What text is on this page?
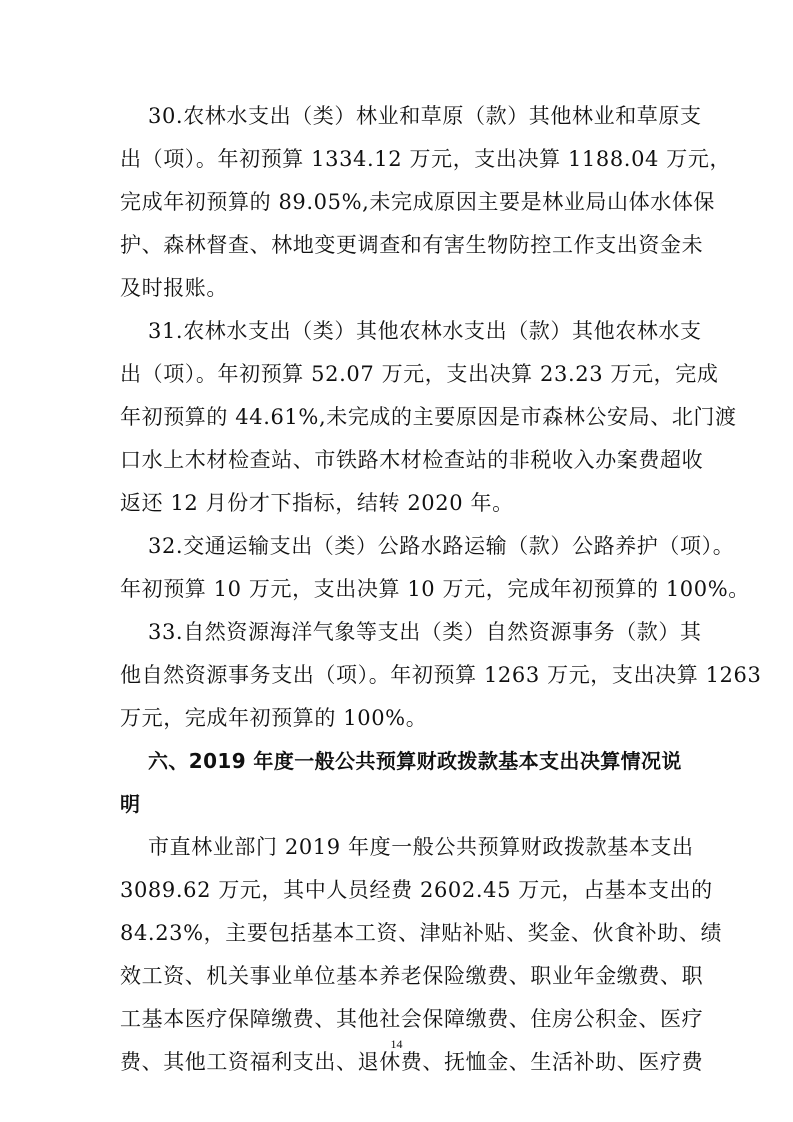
30.农林水支出（类）林业和草原（款）其他林业和草原支
出（项）。年初预算 1334.12 万元，支出决算 1188.04 万元，
完成年初预算的 89.05%,未完成原因主要是林业局山体水体保
护、森林督查、林地变更调查和有害生物防控工作支出资金未
及时报账。
31.农林水支出（类）其他农林水支出（款）其他农林水支
出（项）。年初预算 52.07 万元，支出决算 23.23 万元，完成
年初预算的 44.61%,未完成的主要原因是市森林公安局、北门渡
口水上木材检查站、市铁路木材检查站的非税收入办案费超收
返还 12 月份才下指标，结转 2020 年。
32.交通运输支出（类）公路水路运输（款）公路养护（项）。
年初预算 10 万元，支出决算 10 万元，完成年初预算的 100%。
33.自然资源海洋气象等支出（类）自然资源事务（款）其
他自然资源事务支出（项）。年初预算 1263 万元，支出决算 1263
万元，完成年初预算的 100%。
六、2019 年度一般公共预算财政拨款基本支出决算情况说
明
市直林业部门 2019 年度一般公共预算财政拨款基本支出
3089.62 万元，其中人员经费 2602.45 万元，占基本支出的
84.23%，主要包括基本工资、津贴补贴、奖金、伙食补助、绩
效工资、机关事业单位基本养老保险缴费、职业年金缴费、职
工基本医疗保障缴费、其他社会保障缴费、住房公积金、医疗
费、其他工资福利支出、退休费、抚恤金、生活补助、医疗费
14
